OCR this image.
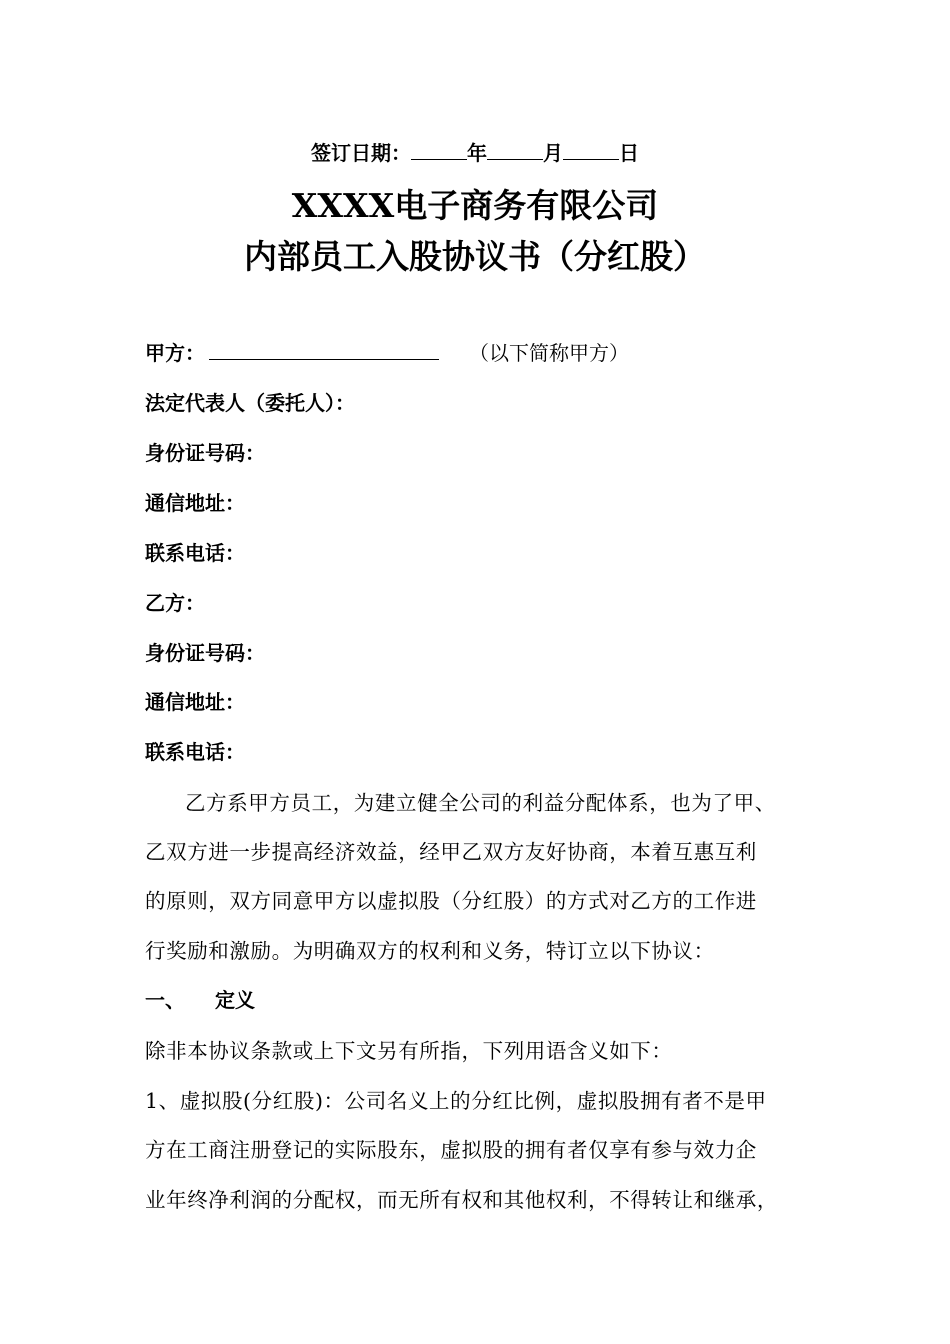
签订日期：	年	月	日
XXXX电子商务有限公司
内部员工入股协议书（分红股）
甲方：	（以下简称甲方）
法定代表人（委托人）：
身份证号码：
通信地址：
联系电话：
乙方：
身份证号码：
通信地址：
联系电话：
乙方系甲方员工，为建立健全公司的利益分配体系，也为了甲、
乙双方进一步提高经济效益，经甲乙双方友好协商，本着互惠互利
的原则，双方同意甲方以虚拟股（分红股）的方式对乙方的工作进
行奖励和激励。为明确双方的权利和义务，特订立以下协议：
一、 定义
除非本协议条款或上下文另有所指，下列用语含义如下：
1、虚拟股(分红股)：公司名义上的分红比例，虚拟股拥有者不是甲
方在工商注册登记的实际股东，虚拟股的拥有者仅享有参与效力企
业年终净利润的分配权，而无所有权和其他权利，不得转让和继承，
